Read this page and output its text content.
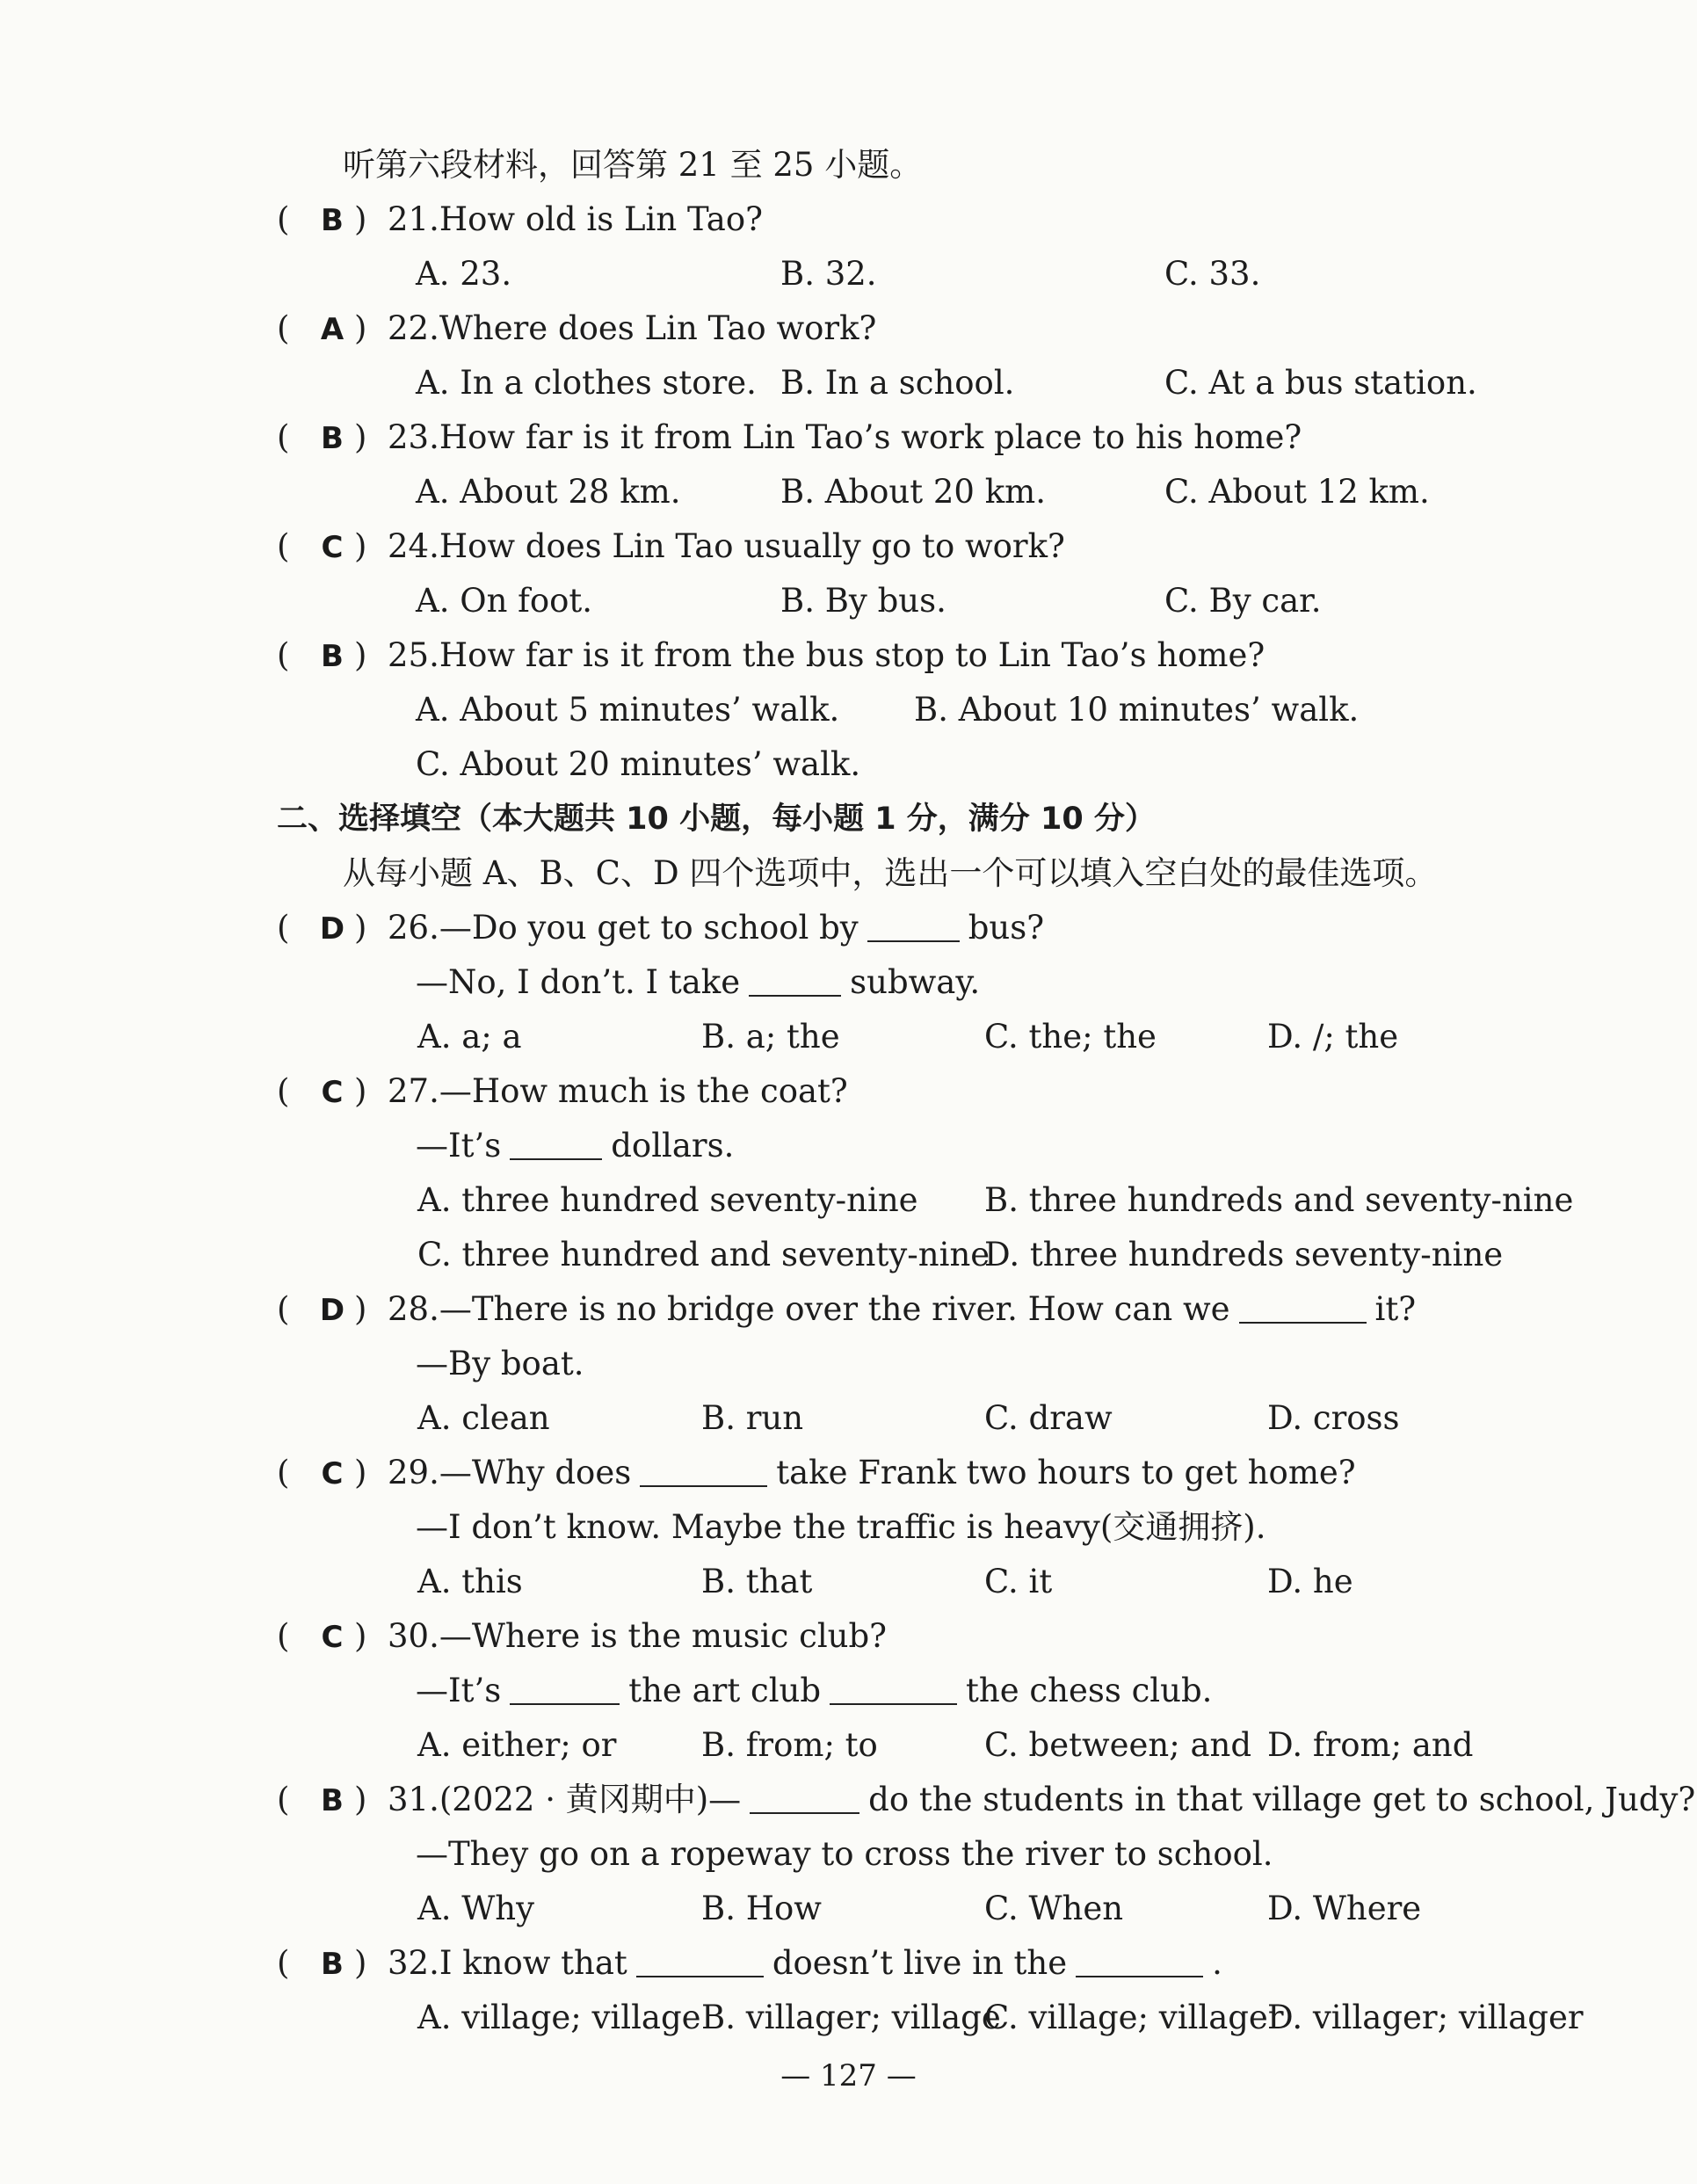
听第六段材料，回答第 21 至 25 小题。
( B ) 21.How old is Lin Tao?
A. 23.	B. 32.	C. 33.
( A ) 22.Where does Lin Tao work?
A. In a clothes store. B. In a school.	C. At a bus station.
( B ) 23.How far is it from Lin Tao’s work place to his home?
A. About 28 km.	B. About 20 km.	C. About 12 km.
( C ) 24.How does Lin Tao usually go to work?
A. On foot.	B. By bus.	C. By car.
( B ) 25.How far is it from the bus stop to Lin Tao’s home?
A. About 5 minutes’ walk. B. About 10 minutes’ walk.
C. About 20 minutes’ walk.
二、选择填空（本大题共 10 小题，每小题 1 分，满分 10 分）
从每小题 A、B、C、D 四个选项中，选出一个可以填入空白处的最佳选项。
( D ) 26.—Do you get to school by	bus?
—No, I don’t. I take	subway.
A. a; a	B. a; the	C. the; the	D. /; the
( C ) 27.—How much is the coat?
—It’s	dollars.
A. three hundred seventy-nine B. three hundreds and seventy-nine
C. three hundred and seventy-nine
D. three hundreds seventy-nine
( D ) 28.—There is no bridge over the river. How can we	it?
—By boat.
A. clean	B. run	C. draw	D. cross
( C ) 29.—Why does	take Frank two hours to get home?
—I don’t know. Maybe the traffic is heavy(交通拥挤).
A. this	B. that	C. it	D. he
( C ) 30.—Where is the music club?
—It’s	the art club	the chess club.
A. either; or	B. from; to	C. between; and D. from; and
( B ) 31.(2022 · 黄冈期中)—	do the students in that village get to school, Judy?
—They go on a ropeway to cross the river to school.
A. Why	B. How	C. When	D. Where
( B ) 32.I know that	doesn’t live in the	.
A. village; village B. villager; village
C. village; villager
D. villager; villager
— 127 —
